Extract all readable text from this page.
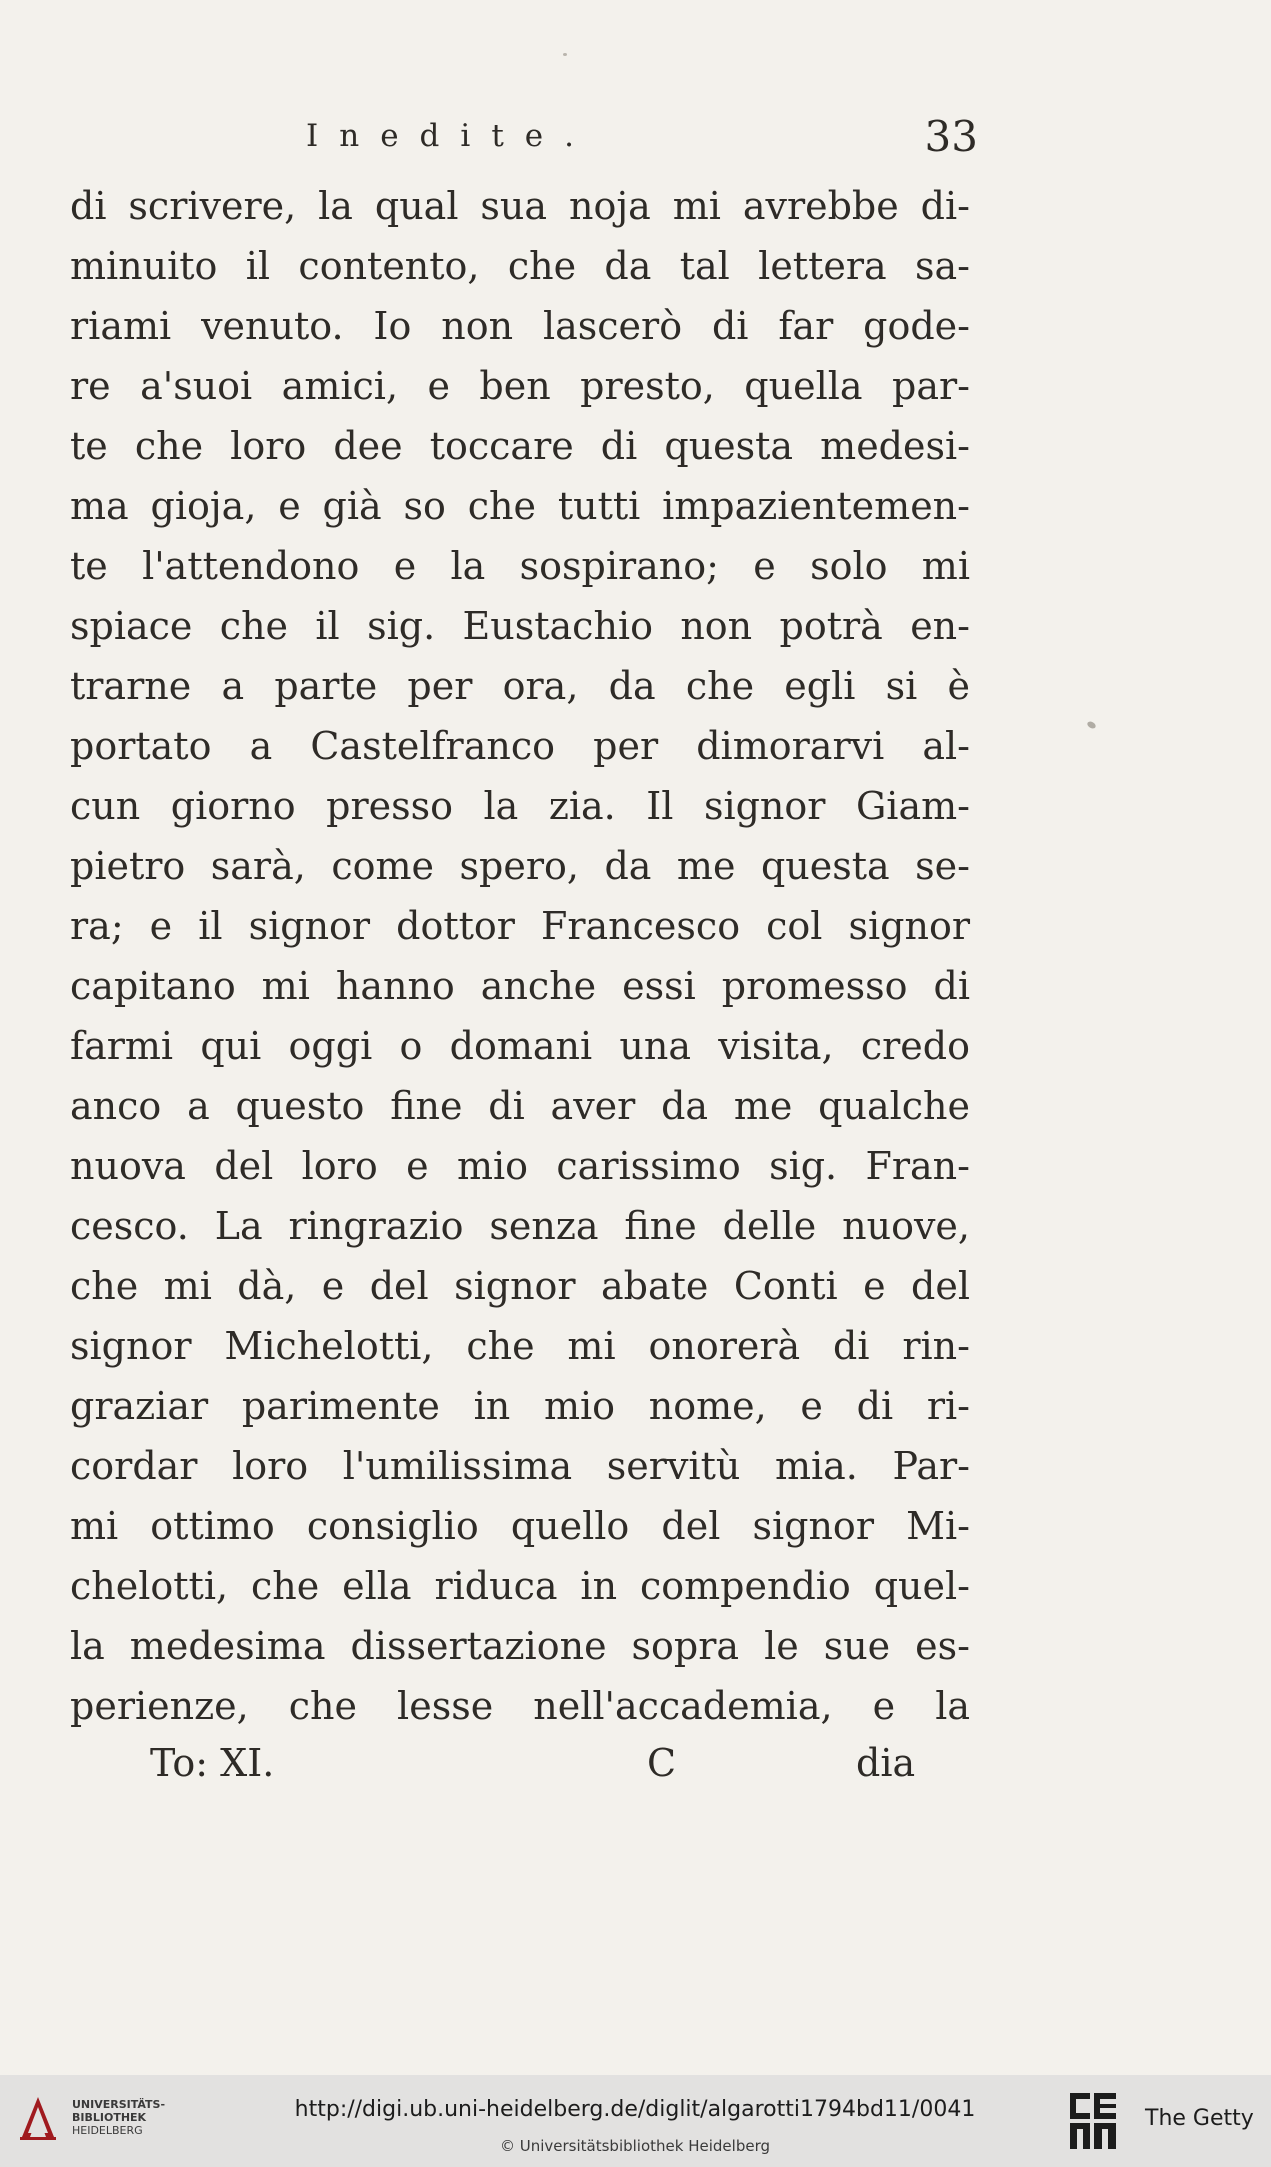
Inedite.	33
di scrivere, la qual sua noja mi avrebbe di-
minuito il contento, che da tal lettera sa-
riami venuto. Io non lascerò di far gode-
re a'suoi amici, e ben presto, quella par-
te che loro dee toccare di questa medesi-
ma gioja, e già so che tutti impazientemen-
te l'attendono e la sospirano; e solo mi
spiace che il sig. Eustachio non potrà en-
trarne a parte per ora, da che egli si è
portato a Castelfranco per dimorarvi al-
cun giorno presso la zia. Il signor Giam-
pietro sarà, come spero, da me questa se-
ra; e il signor dottor Francesco col signor
capitano mi hanno anche essi promesso di
farmi qui oggi o domani una visita, credo
anco a questo fine di aver da me qualche
nuova del loro e mio carissimo sig. Fran-
cesco. La ringrazio senza fine delle nuove,
che mi dà, e del signor abate Conti e del
signor Michelotti, che mi onorerà di rin-
graziar parimente in mio nome, e di ri-
cordar loro l'umilissima servitù mia. Par-
mi ottimo consiglio quello del signor Mi-
chelotti, che ella riduca in compendio quel-
la medesima dissertazione sopra le sue es-
perienze, che lesse nell'accademia, e la
To: XI.	C	dia
UNIVERSITÄTS-
BIBLIOTHEK
HEIDELBERG
http://digi.ub.uni-heidelberg.de/diglit/algarotti1794bd11/0041
© Universitätsbibliothek Heidelberg
The Getty
